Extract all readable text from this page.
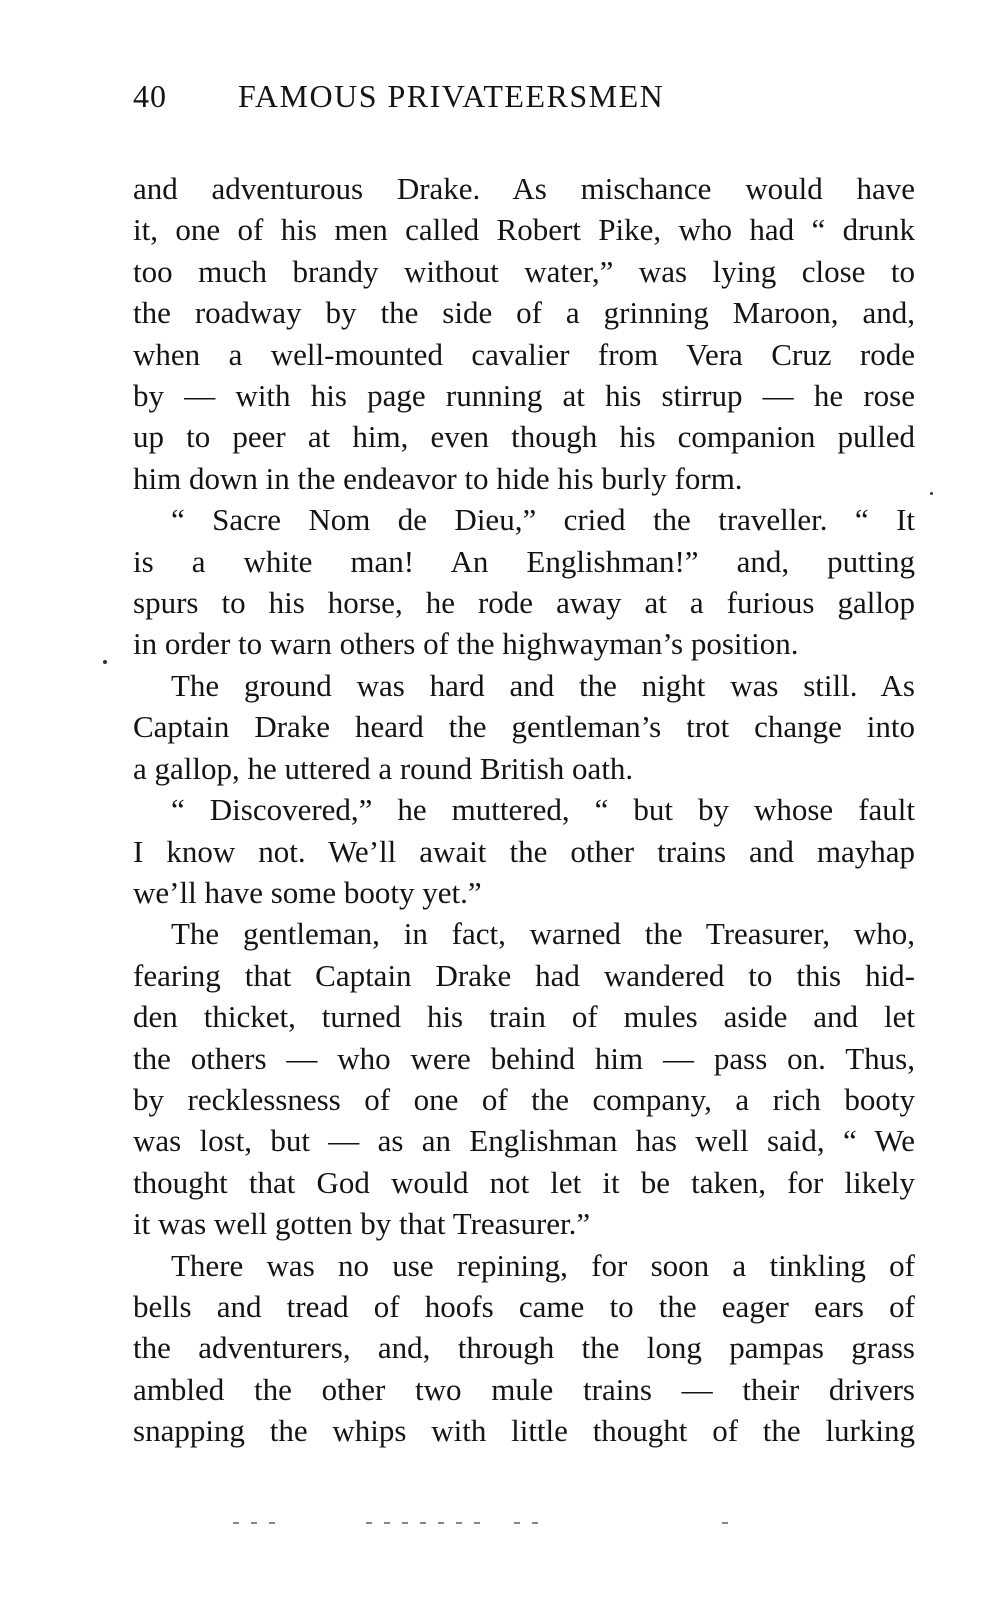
40 FAMOUS PRIVATEERSMEN
and adventurous Drake. As mischance would have
it, one of his men called Robert Pike, who had “ drunk
too much brandy without water,” was lying close to
the roadway by the side of a grinning Maroon, and,
when a well-mounted cavalier from Vera Cruz rode
by — with his page running at his stirrup — he rose
up to peer at him, even though his companion pulled
him down in the endeavor to hide his burly form.
“ Sacre Nom de Dieu,” cried the traveller. “ It
is a white man! An Englishman!” and, putting
spurs to his horse, he rode away at a furious gallop
in order to warn others of the highwayman’s position.
The ground was hard and the night was still. As
Captain Drake heard the gentleman’s trot change into
a gallop, he uttered a round British oath.
“ Discovered,” he muttered, “ but by whose fault
I know not. We’ll await the other trains and mayhap
we’ll have some booty yet.”
The gentleman, in fact, warned the Treasurer, who,
fearing that Captain Drake had wandered to this hid-
den thicket, turned his train of mules aside and let
the others — who were behind him — pass on. Thus,
by recklessness of one of the company, a rich booty
was lost, but — as an Englishman has well said, “ We
thought that God would not let it be taken, for likely
it was well gotten by that Treasurer.”
There was no use repining, for soon a tinkling of
bells and tread of hoofs came to the eager ears of
the adventurers, and, through the long pampas grass
ambled the other two mule trains — their drivers
snapping the whips with little thought of the lurking
